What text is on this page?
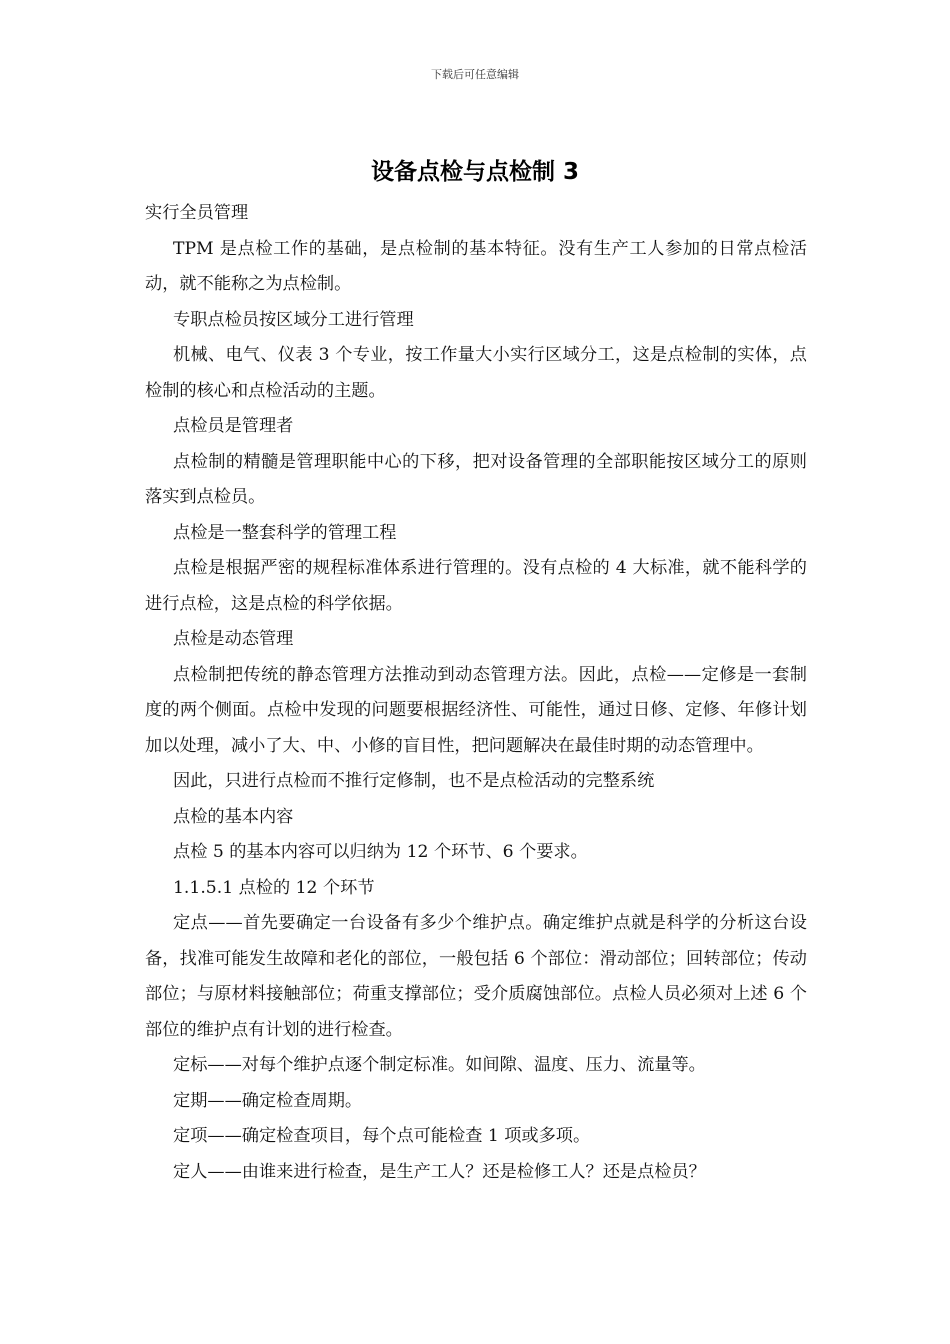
下载后可任意编辑
设备点检与点检制 3

实行全员管理

TPM 是点检工作的基础，是点检制的基本特征。没有生产工人参加的日常点检活动，就不能称之为点检制。

专职点检员按区域分工进行管理

机械、电气、仪表 3 个专业，按工作量大小实行区域分工，这是点检制的实体，点检制的核心和点检活动的主题。

点检员是管理者

点检制的精髓是管理职能中心的下移，把对设备管理的全部职能按区域分工的原则落实到点检员。

点检是一整套科学的管理工程

点检是根据严密的规程标准体系进行管理的。没有点检的 4 大标准，就不能科学的进行点检，这是点检的科学依据。

点检是动态管理

点检制把传统的静态管理方法推动到动态管理方法。因此，点检——定修是一套制度的两个侧面。点检中发现的问题要根据经济性、可能性，通过日修、定修、年修计划加以处理，减小了大、中、小修的盲目性，把问题解决在最佳时期的动态管理中。

因此，只进行点检而不推行定修制，也不是点检活动的完整系统

点检的基本内容

点检 5 的基本内容可以归纳为 12 个环节、6 个要求。

1.1.5.1 点检的 12 个环节

定点——首先要确定一台设备有多少个维护点。确定维护点就是科学的分析这台设备，找准可能发生故障和老化的部位，一般包括 6 个部位：滑动部位；回转部位；传动部位；与原材料接触部位；荷重支撑部位；受介质腐蚀部位。点检人员必须对上述 6 个部位的维护点有计划的进行检查。

定标——对每个维护点逐个制定标准。如间隙、温度、压力、流量等。

定期——确定检查周期。

定项——确定检查项目，每个点可能检查 1 项或多项。

定人——由谁来进行检查，是生产工人？还是检修工人？还是点检员？
